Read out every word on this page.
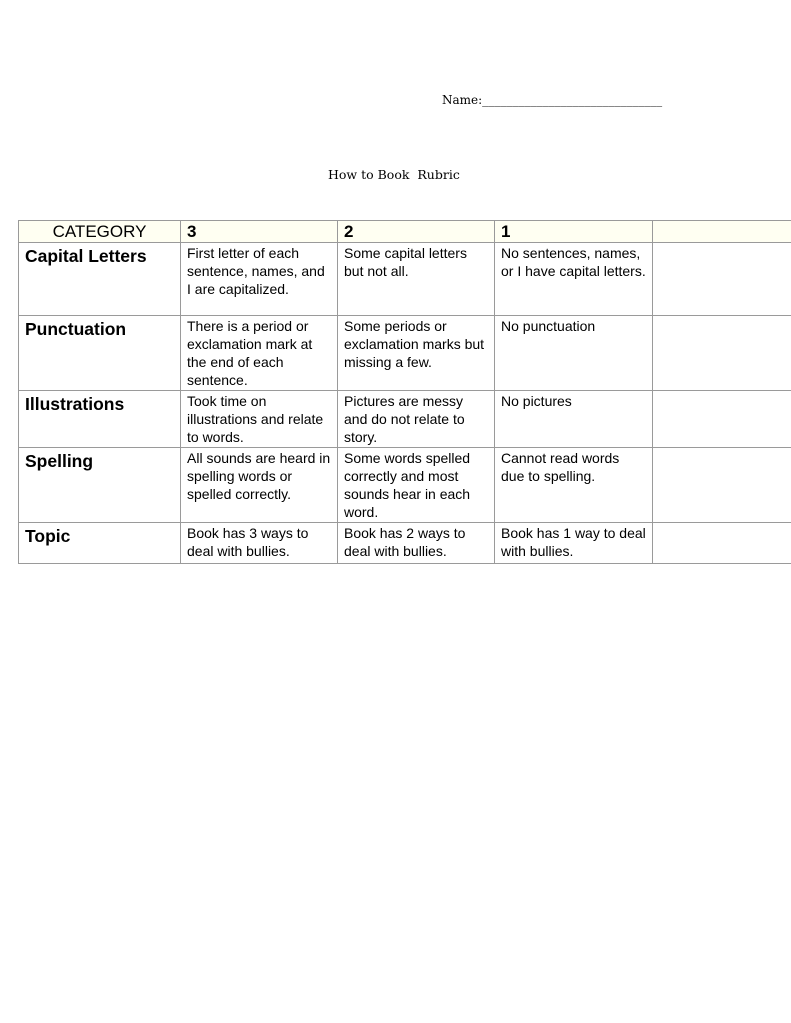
Name:______________________________
How to Book  Rubric
CATEGORY	3	2	1	
Capital Letters	First letter of each sentence, names, and I are capitalized.	Some capital letters but not all.	No sentences, names, or I have capital letters.	
Punctuation	There is a period or exclamation mark at the end of each sentence.	Some periods or exclamation marks but missing a few.	No punctuation	
Illustrations	Took time on illustrations and relate to words.	Pictures are messy and do not relate to story.	No pictures	
Spelling	All sounds are heard in spelling words or spelled correctly.	Some words spelled correctly and most sounds hear in each word.	Cannot read words due to spelling.	
Topic	Book has 3 ways to deal with bullies.	Book has 2 ways to deal with bullies.	Book has 1 way to deal with bullies.	
